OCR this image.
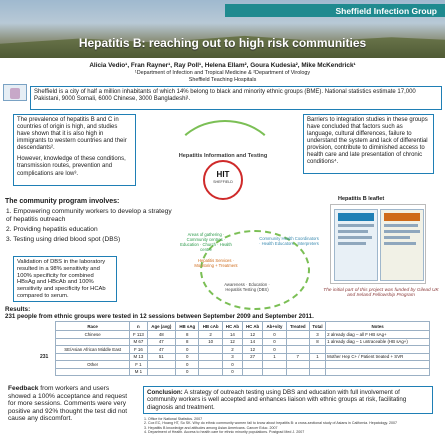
Sheffield Infection Group
Hepatitis B: reaching out to high risk communities
Alicia Vedio¹, Fran Rayner¹, Ray Poll¹, Helena Ellam², Goura Kudesia², Mike McKendrick¹
¹Department of Infection and Tropical Medicine & ²Department of Virology
Sheffield Teaching Hospitals
Sheffield is a city of half a million inhabitants of which 14% belong to black and minority ethnic groups (BME). National statistics estimate 17,000 Pakistani, 9000 Somali, 6000 Chinese, 3000 Bangladeshi¹.

The prevalence of hepatitis B and C in countries of origin is high, and studies have shown that it is also high in immigrants to western countries and their descendants².

However, knowledge of these conditions, transmission routes, prevention and complications are low³.

Barriers to integration studies in these groups have concluded that factors such as language, cultural differences, failure to understand the system and lack of differential provision, contribute to diminished access to health care and late presentation of chronic conditions⁴.
Hepatitis Information and Testing
HIT
SHEFFIELD
The community program involves:
1. Empowering community workers to develop a strategy of hepatitis outreach
2. Providing hepatitis education
3. Testing using dried blood spot (DBS)
Areas of gathering · Community centres · Education · Church · Health centre
Community Health Coordinators · Health Educators · Interpreters
Hepatitis Services · Monitoring + Treatment
Awareness · Education · Hepatitis Testing (DBS)
Hepatitis B leaflet
The initial part of this project was funded by Gilead UK and Ireland Fellowship Program
Validation of DBS in the laboratory resulted in a 98% sensitivity and 100% specificity for combined HBsAg and HBcAb and 100% sensitivity and specificity for HCAb compared to serum.
Results:
231 people from ethnic groups were tested in 12 sessions between September 2009 and September 2011.
231
Race	n	Age (avg)	HB sAg	HB cAb	HC Ab	HC Ab	Ab+vity	Treated	Total	Notes
Chinese	F 113	48	8	2	14	12	0		3	2 already diag – all F HB sAg+
	M 67	47	8	10	12	14	0		8	1 already diag – 1 untraceable (HB sAg+)
SE/Asian African Middle East	F 16	47	0		2	12	0			
	M 13	51	0		3	27	1	7	1	Mother Hep C+ / Patient treated + SVR
Other	F 1		0		0					
	M 1		0		0					
Feedback from workers and users showed a 100% acceptance and request for more sessions. Comments were very positive and 92% thought the test did not cause any discomfort.
Conclusion: A strategy of outreach testing using DBS and education with full involvement of community workers is well accepted and enhances liaison with ethnic groups at risk, facilitating diagnosis and treatment.
1. Office for National Statistics. 2007
2. Cox EC, Hoang HT, So SK. Why do ethnic community women fail to know about hepatitis B: a cross-sectional study of Asians in California. Hepatology. 2007
3. Hepatitis B knowledge and attitudes among Asian Americans. Cancer Educ. 2007
4. Department of Health. Access to health care for ethnic minority populations. Postgrad Med J. 2007
